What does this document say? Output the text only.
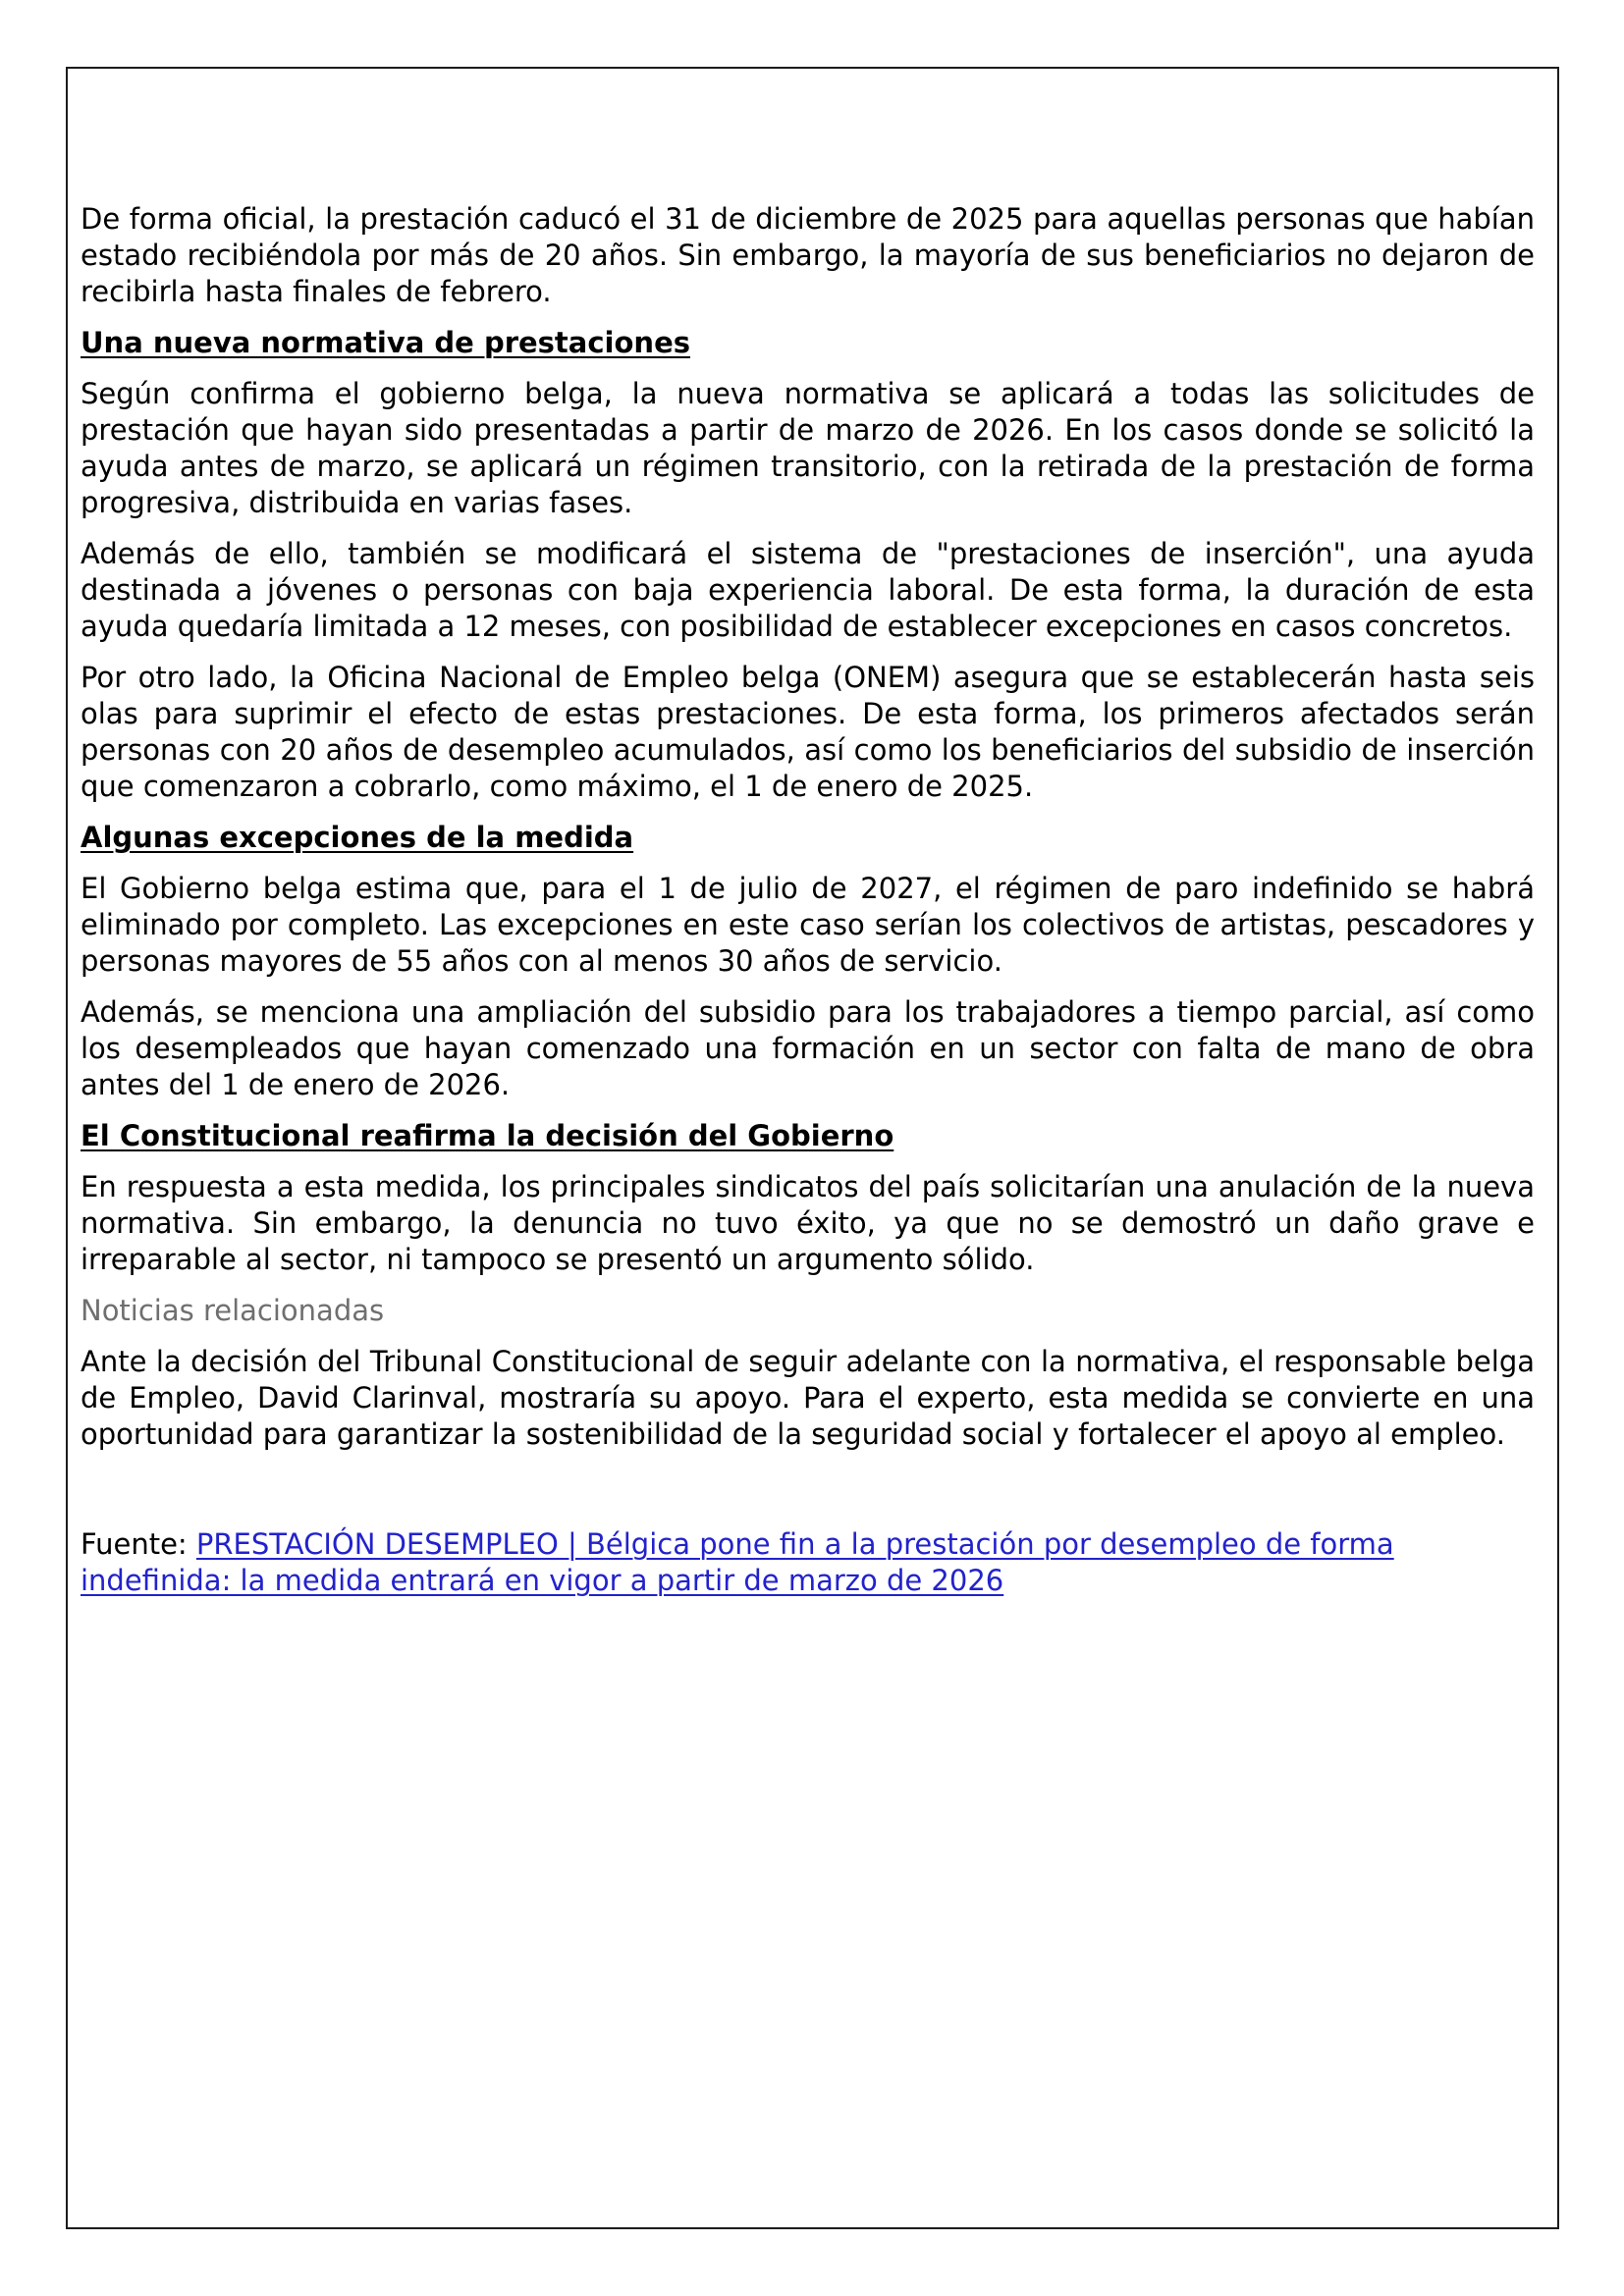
De forma oficial, la prestación caducó el 31 de diciembre de 2025 para aquellas personas que habían estado recibiéndola por más de 20 años. Sin embargo, la mayoría de sus beneficiarios no dejaron de recibirla hasta finales de febrero.

Una nueva normativa de prestaciones

Según confirma el gobierno belga, la nueva normativa se aplicará a todas las solicitudes de prestación que hayan sido presentadas a partir de marzo de 2026. En los casos donde se solicitó la ayuda antes de marzo, se aplicará un régimen transitorio, con la retirada de la prestación de forma progresiva, distribuida en varias fases.

Además de ello, también se modificará el sistema de "prestaciones de inserción", una ayuda destinada a jóvenes o personas con baja experiencia laboral. De esta forma, la duración de esta ayuda quedaría limitada a 12 meses, con posibilidad de establecer excepciones en casos concretos.

Por otro lado, la Oficina Nacional de Empleo belga (ONEM) asegura que se establecerán hasta seis olas para suprimir el efecto de estas prestaciones. De esta forma, los primeros afectados serán personas con 20 años de desempleo acumulados, así como los beneficiarios del subsidio de inserción que comenzaron a cobrarlo, como máximo, el 1 de enero de 2025.

Algunas excepciones de la medida

El Gobierno belga estima que, para el 1 de julio de 2027, el régimen de paro indefinido se habrá eliminado por completo. Las excepciones en este caso serían los colectivos de artistas, pescadores y personas mayores de 55 años con al menos 30 años de servicio.

Además, se menciona una ampliación del subsidio para los trabajadores a tiempo parcial, así como los desempleados que hayan comenzado una formación en un sector con falta de mano de obra antes del 1 de enero de 2026.

El Constitucional reafirma la decisión del Gobierno

En respuesta a esta medida, los principales sindicatos del país solicitarían una anulación de la nueva normativa. Sin embargo, la denuncia no tuvo éxito, ya que no se demostró un daño grave e irreparable al sector, ni tampoco se presentó un argumento sólido.

Noticias relacionadas

Ante la decisión del Tribunal Constitucional de seguir adelante con la normativa, el responsable belga de Empleo, David Clarinval, mostraría su apoyo. Para el experto, esta medida se convierte en una oportunidad para garantizar la sostenibilidad de la seguridad social y fortalecer el apoyo al empleo.

Fuente: PRESTACIÓN DESEMPLEO | Bélgica pone fin a la prestación por desempleo de forma indefinida: la medida entrará en vigor a partir de marzo de 2026
